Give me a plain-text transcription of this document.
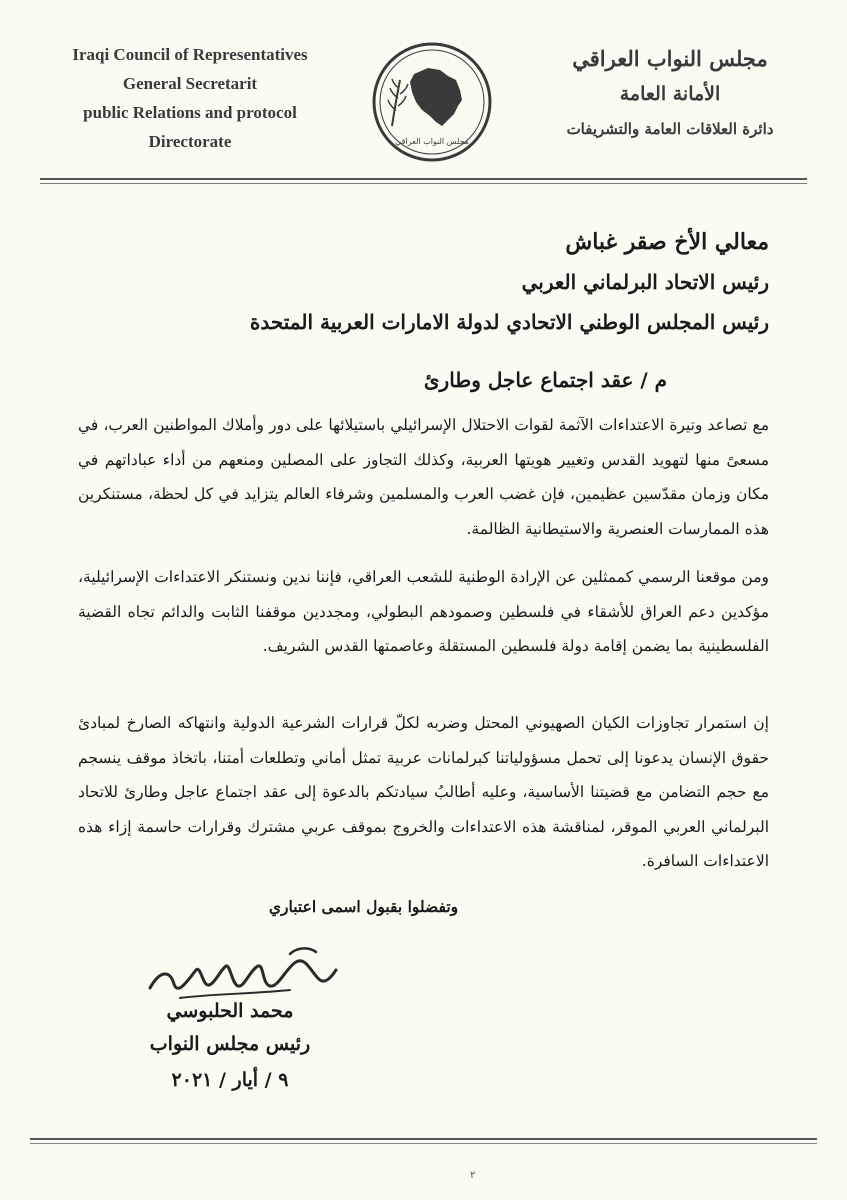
Iraqi Council of Representatives
General Secretarit
public Relations and protocol
Directorate	مجلس النواب العراقي
مجلس النواب العراقي
الأمانة العامة
دائرة العلاقات العامة والتشريفات
معالي الأخ صقر غباش
رئيس الاتحاد البرلماني العربي
رئيس المجلس الوطني الاتحادي لدولة الامارات العربية المتحدة
م / عقد اجتماع عاجل وطارئ
مع تصاعد وتيرة الاعتداءات الآثمة لقوات الاحتلال الإسرائيلي باستيلائها على دور وأملاك المواطنين العرب، في مسعىً منها لتهويد القدس وتغيير هويتها العربية، وكذلك التجاوز على المصلين ومنعهم من أداء عباداتهم في مكان وزمان مقدّسين عظيمين، فإن غضب العرب والمسلمين وشرفاء العالم يتزايد في كل لحظة، مستنكرين هذه الممارسات العنصرية والاستيطانية الظالمة.
ومن موقعنا الرسمي كممثلين عن الإرادة الوطنية للشعب العراقي، فإننا ندين ونستنكر الاعتداءات الإسرائيلية، مؤكدين دعم العراق للأشقاء في فلسطين وصمودهم البطولي، ومجددين موقفنا الثابت والدائم تجاه القضية الفلسطينية بما يضمن إقامة دولة فلسطين المستقلة وعاصمتها القدس الشريف.
إن استمرار تجاوزات الكيان الصهيوني المحتل وضربه لكلّ قرارات الشرعية الدولية وانتهاكه الصارخ لمبادئ حقوق الإنسان يدعونا إلى تحمل مسؤولياتنا كبرلمانات عربية تمثل أماني وتطلعات أمتنا، باتخاذ موقف ينسجم مع حجم التضامن مع قضيتنا الأساسية، وعليه أطالبُ سيادتكم بالدعوة إلى عقد اجتماع عاجل وطارئ للاتحاد البرلماني العربي الموقر، لمناقشة هذه الاعتداءات والخروج بموقف عربي مشترك وقرارات حاسمة إزاء هذه الاعتداءات السافرة.
وتفضلوا بقبول اسمى اعتباري
محمد الحلبوسي
رئيس مجلس النواب
٩ / أيار / ٢٠٢١
٢
